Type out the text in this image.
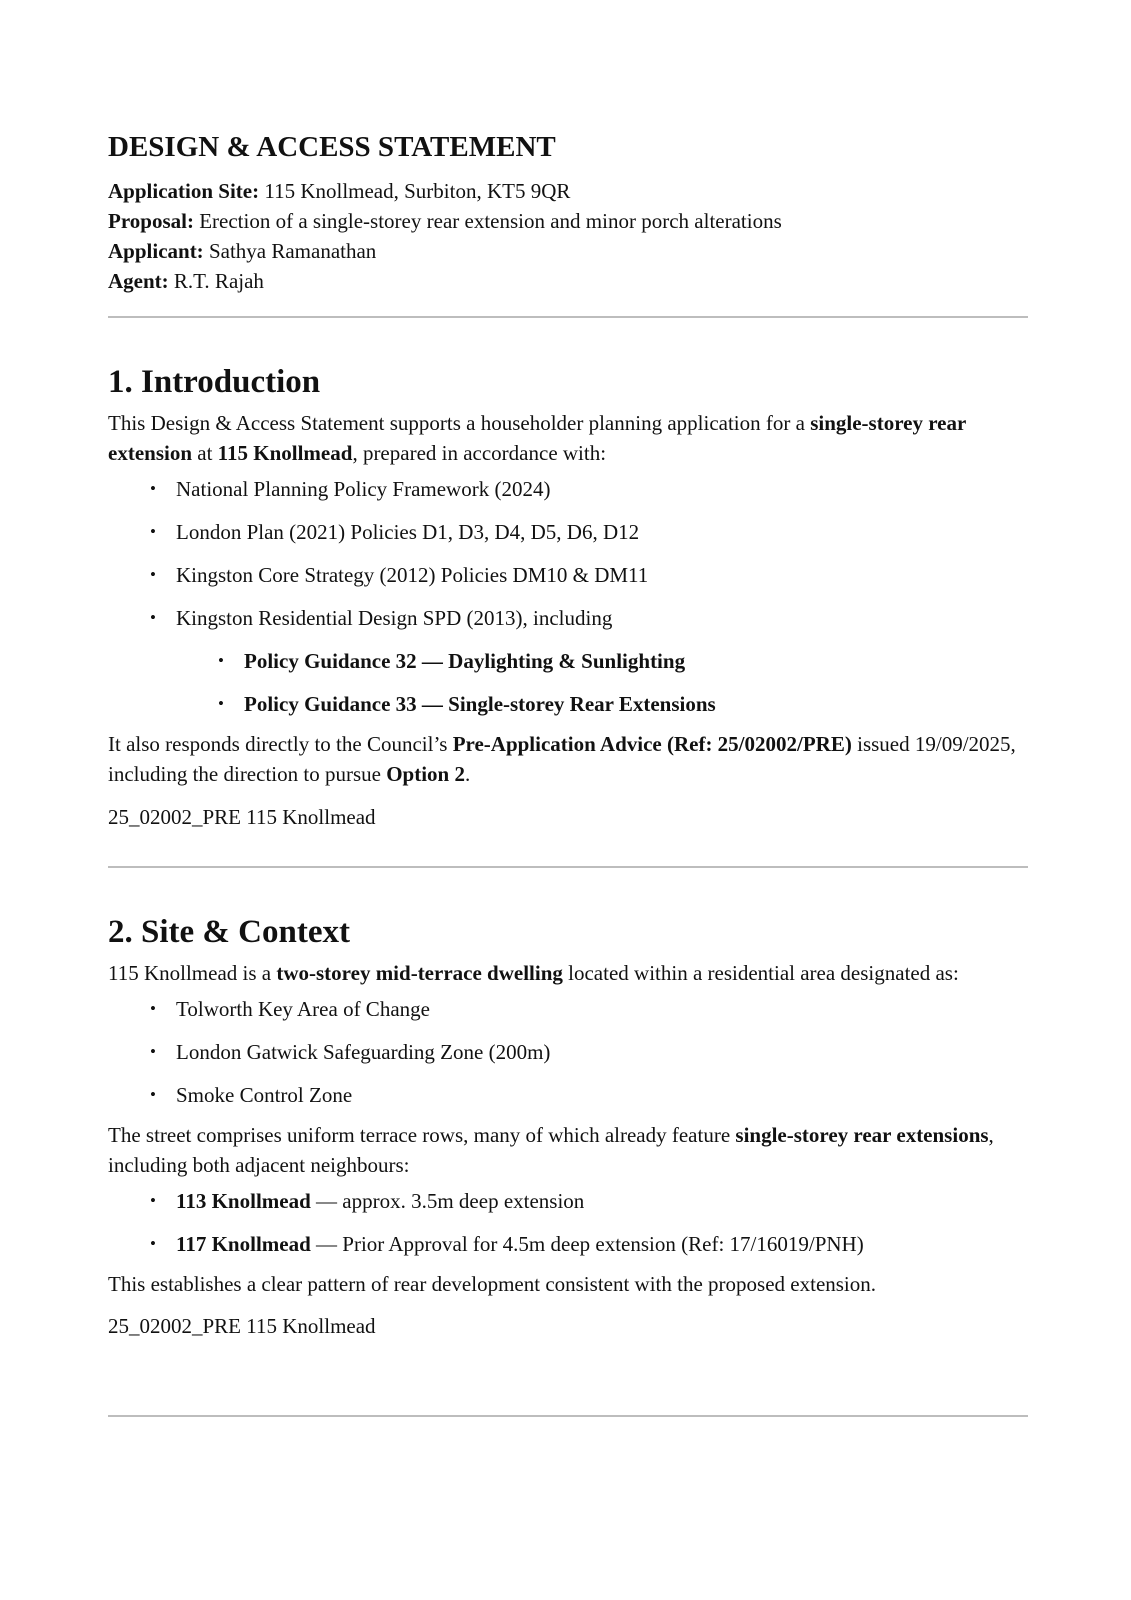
DESIGN & ACCESS STATEMENT
Application Site: 115 Knollmead, Surbiton, KT5 9QR
Proposal: Erection of a single-storey rear extension and minor porch alterations
Applicant: Sathya Ramanathan
Agent: R.T. Rajah
1. Introduction

This Design & Access Statement supports a householder planning application for a single-storey rear extension at 115 Knollmead, prepared in accordance with:

• National Planning Policy Framework (2024)
• London Plan (2021) Policies D1, D3, D4, D5, D6, D12
• Kingston Core Strategy (2012) Policies DM10 & DM11
• Kingston Residential Design SPD (2013), including
• Policy Guidance 32 — Daylighting & Sunlighting
• Policy Guidance 33 — Single-storey Rear Extensions

It also responds directly to the Council’s Pre-Application Advice (Ref: 25/02002/PRE) issued 19/09/2025, including the direction to pursue Option 2.

25_02002_PRE 115 Knollmead

2. Site & Context

115 Knollmead is a two-storey mid-terrace dwelling located within a residential area designated as:

• Tolworth Key Area of Change
• London Gatwick Safeguarding Zone (200m)
• Smoke Control Zone

The street comprises uniform terrace rows, many of which already feature single-storey rear extensions, including both adjacent neighbours:

• 113 Knollmead — approx. 3.5m deep extension
• 117 Knollmead — Prior Approval for 4.5m deep extension (Ref: 17/16019/PNH)

This establishes a clear pattern of rear development consistent with the proposed extension.

25_02002_PRE 115 Knollmead
